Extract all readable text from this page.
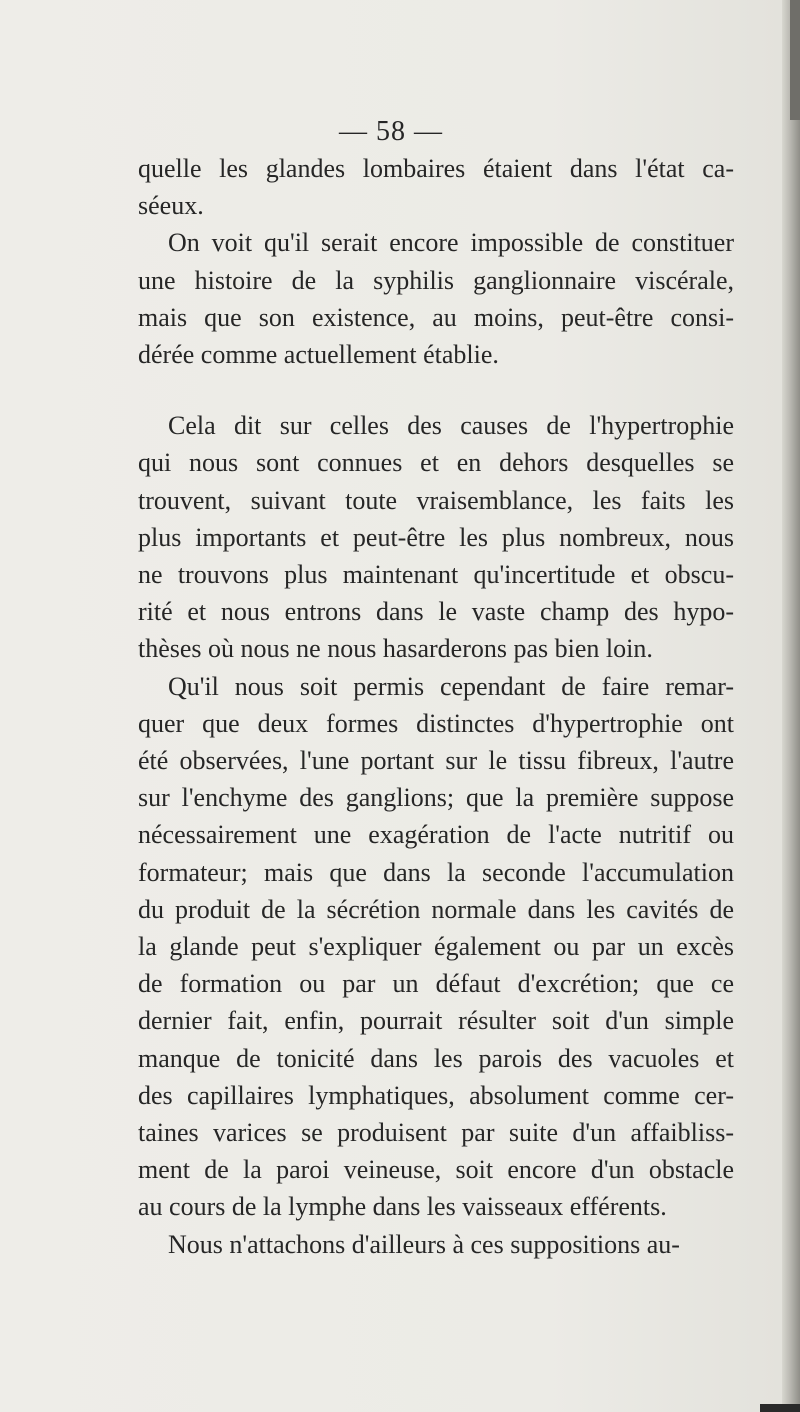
— 58 —
quelle les glandes lombaires étaient dans l'état ca-
séeux.
On voit qu'il serait encore impossible de constituer
une histoire de la syphilis ganglionnaire viscérale,
mais que son existence, au moins, peut-être consi-
dérée comme actuellement établie.
Cela dit sur celles des causes de l'hypertrophie
qui nous sont connues et en dehors desquelles se
trouvent, suivant toute vraisemblance, les faits les
plus importants et peut-être les plus nombreux, nous
ne trouvons plus maintenant qu'incertitude et obscu-
rité et nous entrons dans le vaste champ des hypo-
thèses où nous ne nous hasarderons pas bien loin.
Qu'il nous soit permis cependant de faire remar-
quer que deux formes distinctes d'hypertrophie ont
été observées, l'une portant sur le tissu fibreux, l'autre
sur l'enchyme des ganglions; que la première suppose
nécessairement une exagération de l'acte nutritif ou
formateur; mais que dans la seconde l'accumulation
du produit de la sécrétion normale dans les cavités de
la glande peut s'expliquer également ou par un excès
de formation ou par un défaut d'excrétion; que ce
dernier fait, enfin, pourrait résulter soit d'un simple
manque de tonicité dans les parois des vacuoles et
des capillaires lymphatiques, absolument comme cer-
taines varices se produisent par suite d'un affaibliss-
ment de la paroi veineuse, soit encore d'un obstacle
au cours de la lymphe dans les vaisseaux efférents.
Nous n'attachons d'ailleurs à ces suppositions au-
